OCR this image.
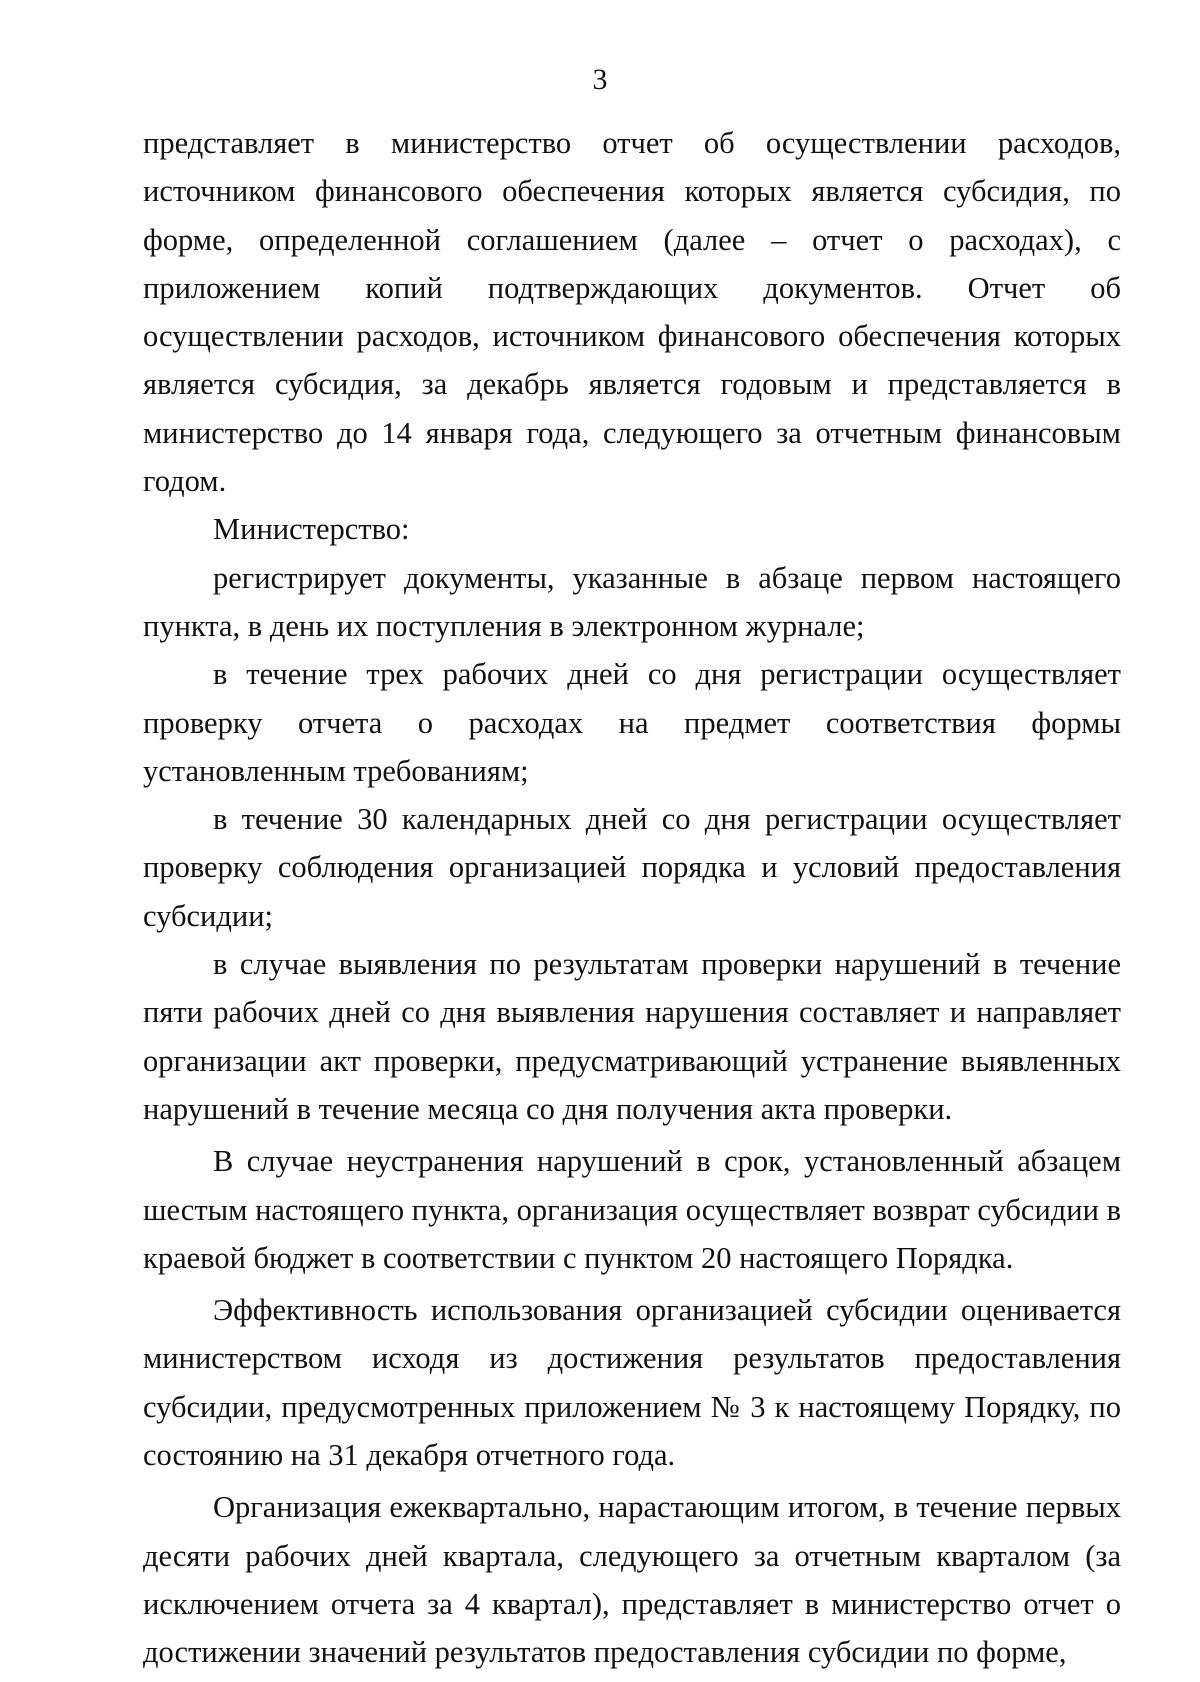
3

представляет в министерство отчет об осуществлении расходов, источником финансового обеспечения которых является субсидия, по форме, определенной соглашением (далее – отчет о расходах), с приложением копий подтверждающих документов. Отчет об осуществлении расходов, источником финансового обеспечения которых является субсидия, за декабрь является годовым и представляется в министерство до 14 января года, следующего за отчетным финансовым годом.

Министерство:

регистрирует документы, указанные в абзаце первом настоящего пункта, в день их поступления в электронном журнале;

в течение трех рабочих дней со дня регистрации осуществляет проверку отчета о расходах на предмет соответствия формы установленным требованиям;

в течение 30 календарных дней со дня регистрации осуществляет проверку соблюдения организацией порядка и условий предоставления субсидии;

в случае выявления по результатам проверки нарушений в течение пяти рабочих дней со дня выявления нарушения составляет и направляет организации акт проверки, предусматривающий устранение выявленных нарушений в течение месяца со дня получения акта проверки.

В случае неустранения нарушений в срок, установленный абзацем шестым настоящего пункта, организация осуществляет возврат субсидии в краевой бюджет в соответствии с пунктом 20 настоящего Порядка.

Эффективность использования организацией субсидии оценивается министерством исходя из достижения результатов предоставления субсидии, предусмотренных приложением № 3 к настоящему Порядку, по состоянию на 31 декабря отчетного года.

Организация ежеквартально, нарастающим итогом, в течение первых десяти рабочих дней квартала, следующего за отчетным кварталом (за исключением отчета за 4 квартал), представляет в министерство отчет о достижении значений результатов предоставления субсидии по форме,
